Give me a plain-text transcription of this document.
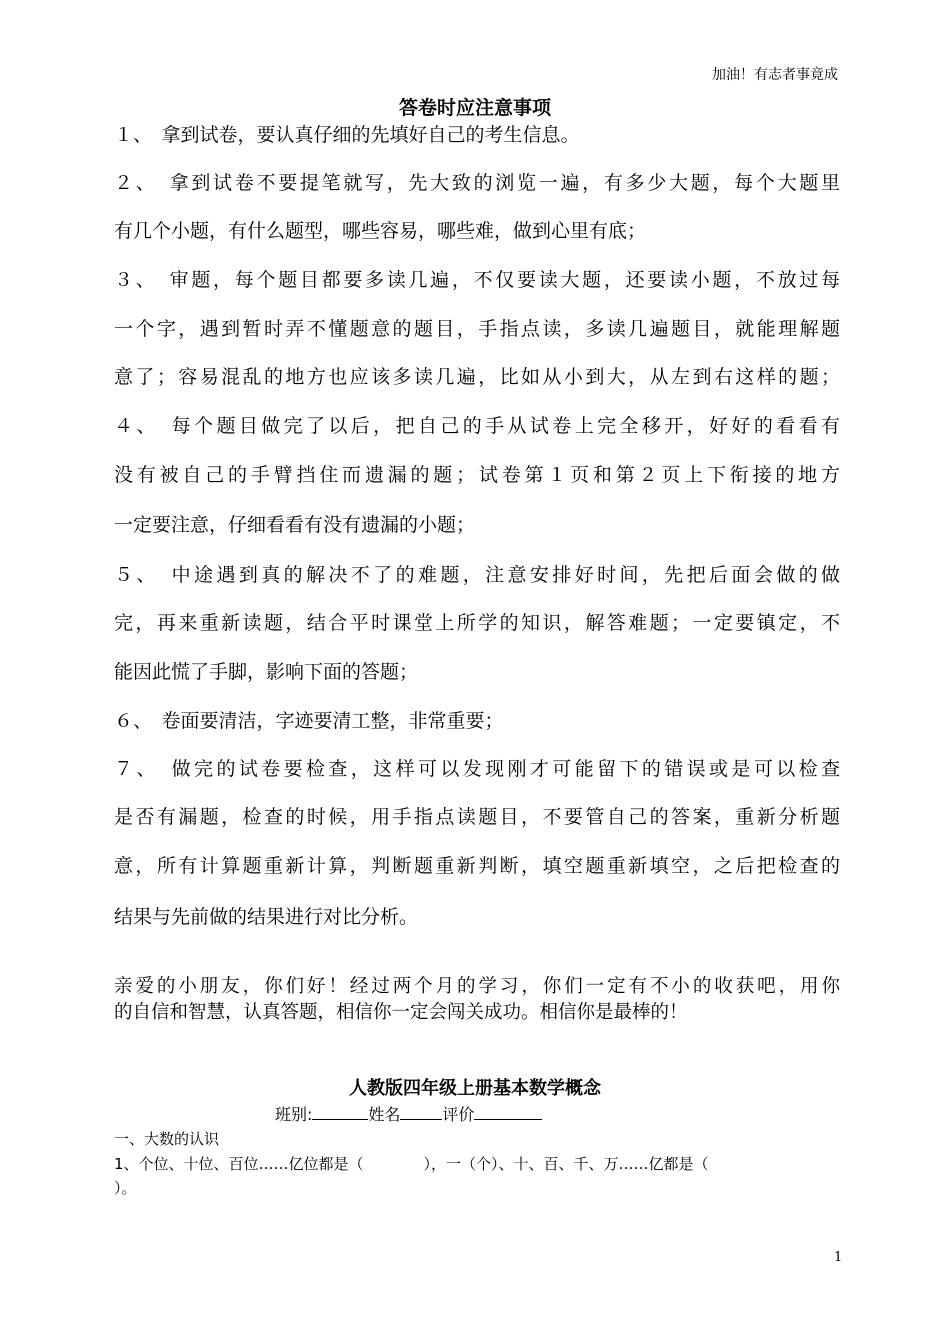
加油！有志者事竟成
答卷时应注意事项
１、　拿到试卷，要认真仔细的先填好自己的考生信息。
２、　拿到试卷不要提笔就写，先大致的浏览一遍，有多少大题，每个大题里
有几个小题，有什么题型，哪些容易，哪些难，做到心里有底；
３、　审题，每个题目都要多读几遍，不仅要读大题，还要读小题，不放过每
一个字，遇到暂时弄不懂题意的题目，手指点读，多读几遍题目，就能理解题
意了；容易混乱的地方也应该多读几遍，比如从小到大，从左到右这样的题；
４、　每个题目做完了以后，把自己的手从试卷上完全移开，好好的看看有
没有被自己的手臂挡住而遗漏的题；试卷第１页和第２页上下衔接的地方
一定要注意，仔细看看有没有遗漏的小题；
５、　中途遇到真的解决不了的难题，注意安排好时间，先把后面会做的做
完，再来重新读题，结合平时课堂上所学的知识，解答难题；一定要镇定，不
能因此慌了手脚，影响下面的答题；
６、　卷面要清洁，字迹要清工整，非常重要；
７、　做完的试卷要检查，这样可以发现刚才可能留下的错误或是可以检查
是否有漏题，检查的时候，用手指点读题目，不要管自己的答案，重新分析题
意，所有计算题重新计算，判断题重新判断，填空题重新填空，之后把检查的
结果与先前做的结果进行对比分析。
亲爱的小朋友，你们好！经过两个月的学习，你们一定有不小的收获吧，用你
的自信和智慧，认真答题，相信你一定会闯关成功。相信你是最棒的！
人教版四年级上册基本数学概念
班别:	姓名	评价
一、大数的认识
1、个位、十位、百位……亿位都是（　　　　），一（个）、十、百、千、万……亿都是（
）。
1
